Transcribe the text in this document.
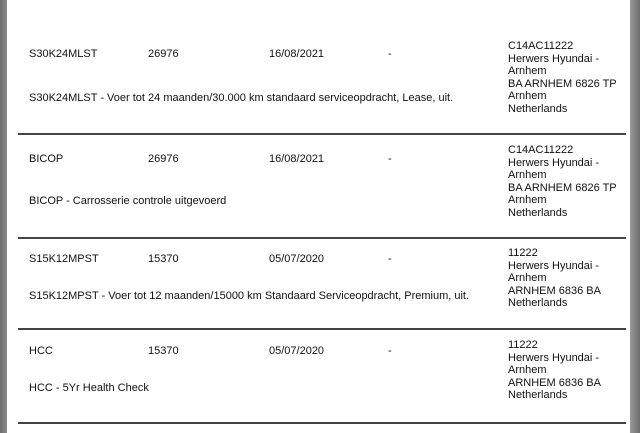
S30K24MLST	26976	16/08/2021	-
C14AC11222
Herwers Hyundai -
Arnhem
BA ARNHEM 6826 TP
Arnhem
Netherlands
S30K24MLST - Voer tot 24 maanden/30.000 km standaard serviceopdracht, Lease, uit.
BICOP	26976	16/08/2021	-
C14AC11222
Herwers Hyundai -
Arnhem
BA ARNHEM 6826 TP
Arnhem
Netherlands
BICOP - Carrosserie controle uitgevoerd
S15K12MPST	15370	05/07/2020	-	11222
Herwers Hyundai -
Arnhem
ARNHEM 6836 BA
Netherlands
S15K12MPST - Voer tot 12 maanden/15000 km Standaard Serviceopdracht, Premium, uit.
HCC	15370	05/07/2020	-	11222
Herwers Hyundai -
Arnhem
ARNHEM 6836 BA
Netherlands
HCC - 5Yr Health Check
